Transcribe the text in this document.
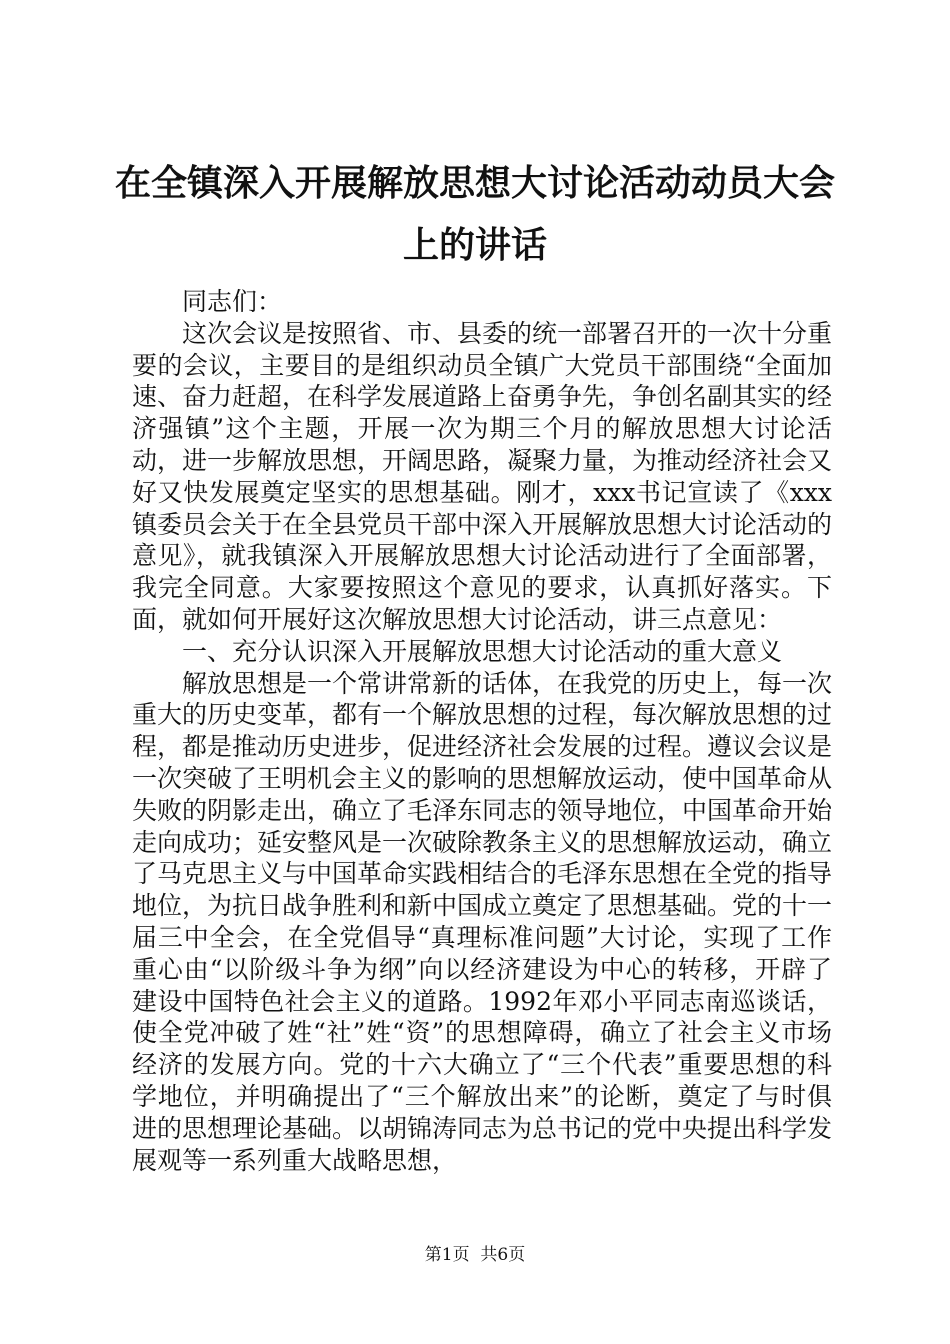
在全镇深入开展解放思想大讨论活动动员大会上的讲话

同志们：

这次会议是按照省、市、县委的统一部署召开的一次十分重要的会议，主要目的是组织动员全镇广大党员干部围绕“全面加速、奋力赶超，在科学发展道路上奋勇争先，争创名副其实的经济强镇”这个主题，开展一次为期三个月的解放思想大讨论活动，进一步解放思想，开阔思路，凝聚力量，为推动经济社会又好又快发展奠定坚实的思想基础。刚才，xxx书记宣读了《xxx镇委员会关于在全县党员干部中深入开展解放思想大讨论活动的意见》，就我镇深入开展解放思想大讨论活动进行了全面部署，我完全同意。大家要按照这个意见的要求，认真抓好落实。下面，就如何开展好这次解放思想大讨论活动，讲三点意见：

一、充分认识深入开展解放思想大讨论活动的重大意义

解放思想是一个常讲常新的话体，在我党的历史上，每一次重大的历史变革，都有一个解放思想的过程，每次解放思想的过程，都是推动历史进步，促进经济社会发展的过程。遵议会议是一次突破了王明机会主义的影响的思想解放运动，使中国革命从失败的阴影走出，确立了毛泽东同志的领导地位，中国革命开始走向成功；延安整风是一次破除教条主义的思想解放运动，确立了马克思主义与中国革命实践相结合的毛泽东思想在全党的指导地位，为抗日战争胜利和新中国成立奠定了思想基础。党的十一届三中全会，在全党倡导“真理标准问题”大讨论，实现了工作重心由“以阶级斗争为纲”向以经济建设为中心的转移，开辟了建设中国特色社会主义的道路。1992年邓小平同志南巡谈话，使全党冲破了姓“社”姓“资”的思想障碍，确立了社会主义市场经济的发展方向。党的十六大确立了“三个代表”重要思想的科学地位，并明确提出了“三个解放出来”的论断，奠定了与时俱进的思想理论基础。以胡锦涛同志为总书记的党中央提出科学发展观等一系列重大战略思想，

第1页  共6页
